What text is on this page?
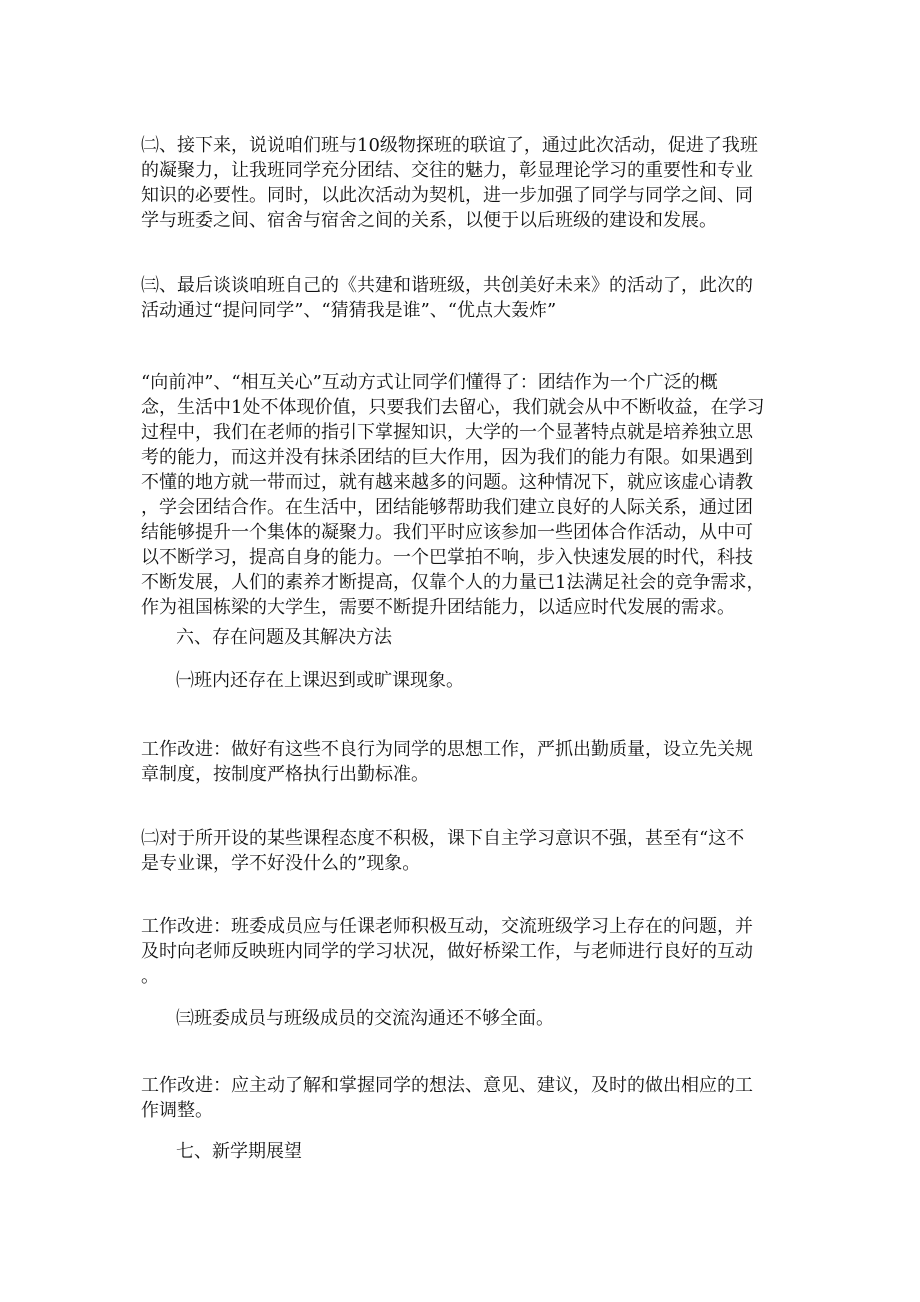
㈡、接下来，说说咱们班与10级物探班的联谊了，通过此次活动，促进了我班
的凝聚力，让我班同学充分团结、交往的魅力，彰显理论学习的重要性和专业
知识的必要性。同时，以此次活动为契机，进一步加强了同学与同学之间、同
学与班委之间、宿舍与宿舍之间的关系，以便于以后班级的建设和发展。
㈢、最后谈谈咱班自己的《共建和谐班级，共创美好未来》的活动了，此次的
活动通过“提问同学”、“猜猜我是谁”、“优点大轰炸”
“向前冲”、“相互关心”互动方式让同学们懂得了：团结作为一个广泛的概
念，生活中1处不体现价值，只要我们去留心，我们就会从中不断收益，在学习
过程中，我们在老师的指引下掌握知识，大学的一个显著特点就是培养独立思
考的能力，而这并没有抹杀团结的巨大作用，因为我们的能力有限。如果遇到
不懂的地方就一带而过，就有越来越多的问题。这种情况下，就应该虚心请教
，学会团结合作。在生活中，团结能够帮助我们建立良好的人际关系，通过团
结能够提升一个集体的凝聚力。我们平时应该参加一些团体合作活动，从中可
以不断学习，提高自身的能力。一个巴掌拍不响，步入快速发展的时代，科技
不断发展，人们的素养才断提高，仅靠个人的力量已1法满足社会的竞争需求，
作为祖国栋梁的大学生，需要不断提升团结能力，以适应时代发展的需求。
六、存在问题及其解决方法
㈠班内还存在上课迟到或旷课现象。
工作改进：做好有这些不良行为同学的思想工作，严抓出勤质量，设立先关规
章制度，按制度严格执行出勤标准。
㈡对于所开设的某些课程态度不积极，课下自主学习意识不强，甚至有“这不
是专业课，学不好没什么的”现象。
工作改进：班委成员应与任课老师积极互动，交流班级学习上存在的问题，并
及时向老师反映班内同学的学习状况，做好桥梁工作，与老师进行良好的互动
。
㈢班委成员与班级成员的交流沟通还不够全面。
工作改进：应主动了解和掌握同学的想法、意见、建议，及时的做出相应的工
作调整。
七、新学期展望
